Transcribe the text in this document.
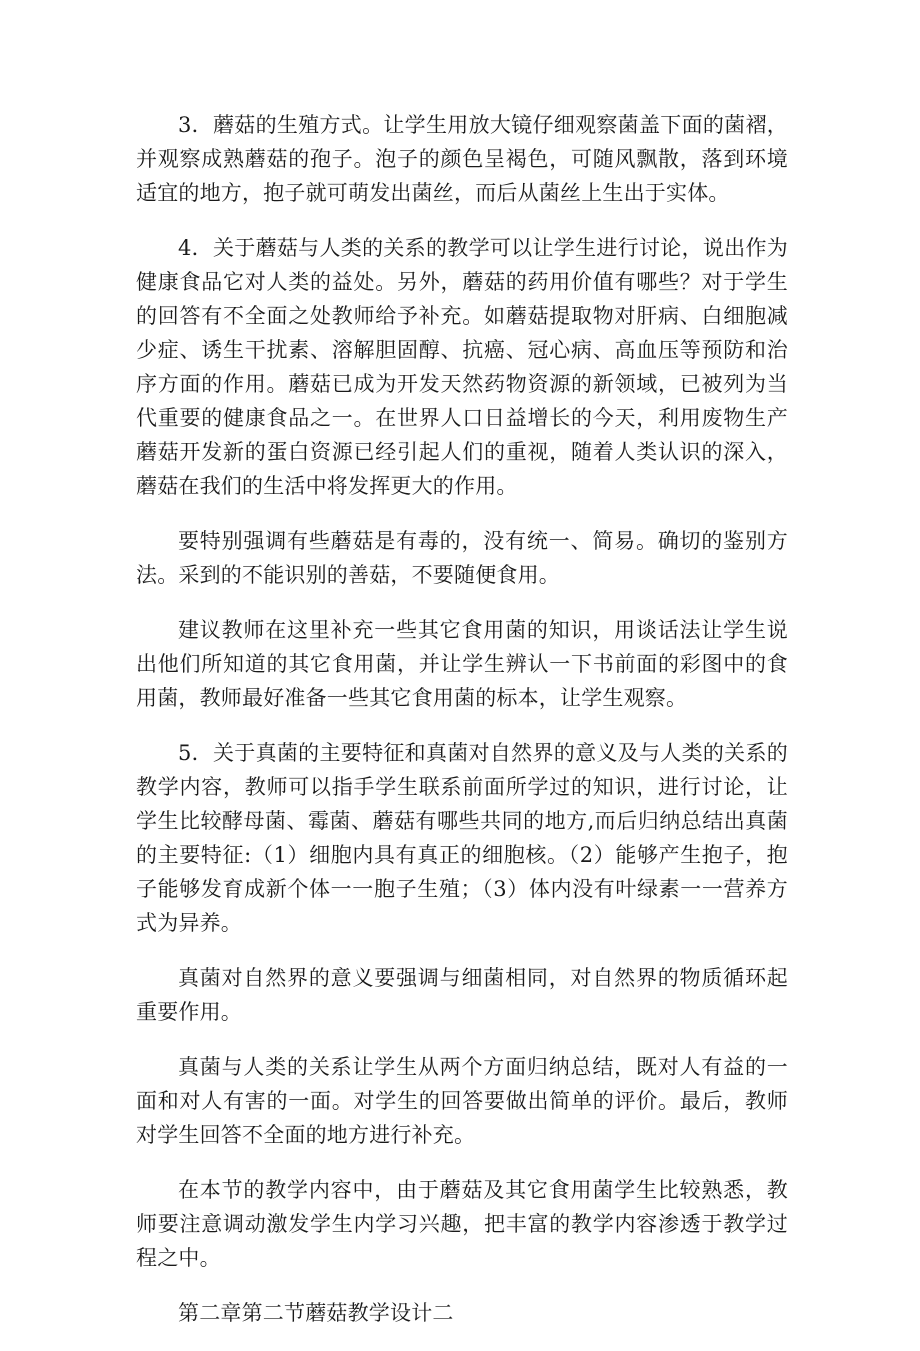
3．蘑菇的生殖方式。让学生用放大镜仔细观察菌盖下面的菌褶，并观察成熟蘑菇的孢子。泡子的颜色呈褐色，可随风飘散，落到环境适宜的地方，抱子就可萌发出菌丝，而后从菌丝上生出于实体。

4．关于蘑菇与人类的关系的教学可以让学生进行讨论，说出作为健康食品它对人类的益处。另外，蘑菇的药用价值有哪些？对于学生的回答有不全面之处教师给予补充。如蘑菇提取物对肝病、白细胞减少症、诱生干扰素、溶解胆固醇、抗癌、冠心病、高血压等预防和治序方面的作用。蘑菇已成为开发天然药物资源的新领域，已被列为当代重要的健康食品之一。在世界人口日益增长的今天，利用废物生产蘑菇开发新的蛋白资源已经引起人们的重视，随着人类认识的深入，蘑菇在我们的生活中将发挥更大的作用。

要特别强调有些蘑菇是有毒的，没有统一、简易。确切的鉴别方法。采到的不能识别的善菇，不要随便食用。

建议教师在这里补充一些其它食用菌的知识，用谈话法让学生说出他们所知道的其它食用菌，并让学生辨认一下书前面的彩图中的食用菌，教师最好准备一些其它食用菌的标本，让学生观察。

5．关于真菌的主要特征和真菌对自然界的意义及与人类的关系的教学内容，教师可以指手学生联系前面所学过的知识，进行讨论，让学生比较酵母菌、霉菌、蘑菇有哪些共同的地方,而后归纳总结出真菌的主要特征:（1）细胞内具有真正的细胞核。（2）能够产生抱子，抱子能够发育成新个体一一胞子生殖；（3）体内没有叶绿素一一营养方式为异养。

真菌对自然界的意义要强调与细菌相同，对自然界的物质循环起重要作用。

真菌与人类的关系让学生从两个方面归纳总结，既对人有益的一面和对人有害的一面。对学生的回答要做出简单的评价。最后，教师对学生回答不全面的地方进行补充。

在本节的教学内容中，由于蘑菇及其它食用菌学生比较熟悉，教师要注意调动激发学生内学习兴趣，把丰富的教学内容渗透于教学过程之中。

第二章第二节蘑菇教学设计二
